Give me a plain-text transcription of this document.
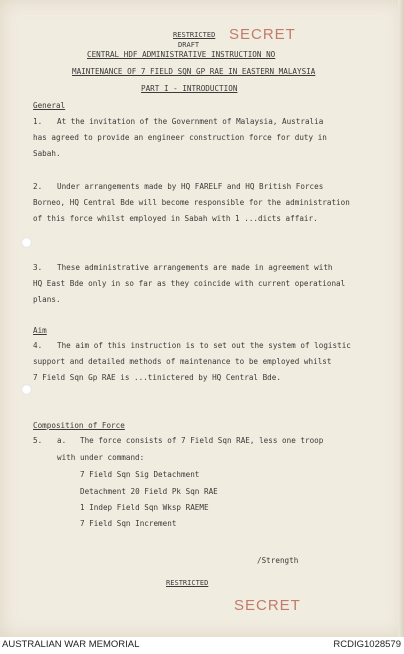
RESTRICTED SECRET

DRAFT

CENTRAL HDF ADMINISTRATIVE INSTRUCTION NO

MAINTENANCE OF 7 FIELD SQN GP RAE IN EASTERN MALAYSIA

PART I - INTRODUCTION

General

1. At the invitation of the Government of Malaysia, Australia

has agreed to provide an engineer construction force for duty in

Sabah.

2. Under arrangements made by HQ FARELF and HQ British Forces

Borneo, HQ Central Bde will become responsible for the administration

of this force whilst employed in Sabah with 1 ...dicts affair.

3. These administrative arrangements are made in agreement with

HQ East Bde only in so far as they coincide with current operational

plans.

Aim

4. The aim of this instruction is to set out the system of logistic

support and detailed methods of maintenance to be employed whilst

7 Field Sqn Gp RAE is ...tinictered by HQ Central Bde.

Composition of Force

5. a. The force consists of 7 Field Sqn RAE, less one troop

with under command:

7 Field Sqn Sig Detachment

Detachment 20 Field Pk Sqn RAE

1 Indep Field Sqn Wksp RAEME

7 Field Sqn Increment

/Strength

RESTRICTED

SECRET

AUSTRALIAN WAR MEMORIAL	RCDIG1028579
